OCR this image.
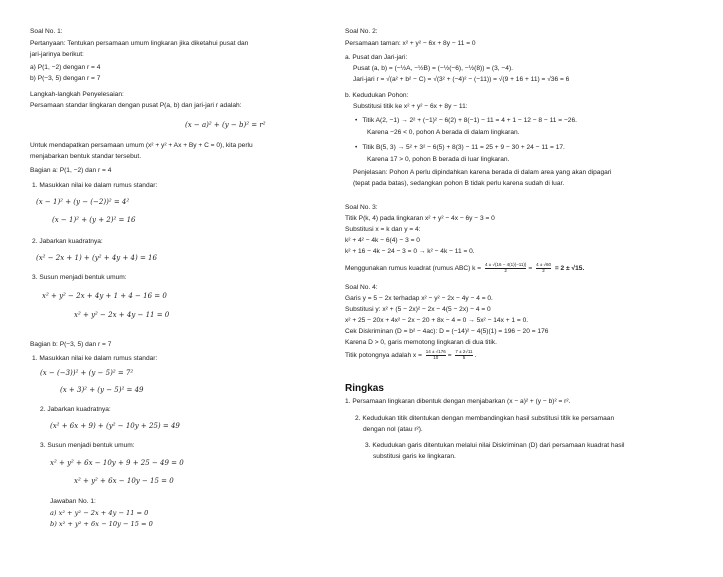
Soal No. 1:
Pertanyaan: Tentukan persamaan umum lingkaran jika diketahui pusat dan
jari-jarinya berikut:
a) P(1, −2) dengan r = 4
b) P(−3, 5) dengan r = 7
Langkah-langkah Penyelesaian:
Persamaan standar lingkaran dengan pusat P(a, b) dan jari-jari r adalah:
(x − a)² + (y − b)² = r²
Untuk mendapatkan persamaan umum (x² + y² + Ax + By + C = 0), kita perlu
menjabarkan bentuk standar tersebut.
Bagian a: P(1, −2) dan r = 4
1. Masukkan nilai ke dalam rumus standar:
(x − 1)² + (y − (−2))² = 4²
(x − 1)² + (y + 2)² = 16
2. Jabarkan kuadratnya:
(x² − 2x + 1) + (y² + 4y + 4) = 16
3. Susun menjadi bentuk umum:
x² + y² − 2x + 4y + 1 + 4 − 16 = 0
x² + y² − 2x + 4y − 11 = 0
Bagian b: P(−3, 5) dan r = 7
1. Masukkan nilai ke dalam rumus standar:
(x − (−3))² + (y − 5)² = 7²
(x + 3)² + (y − 5)² = 49
2. Jabarkan kuadratnya:
(x² + 6x + 9) + (y² − 10y + 25) = 49
3. Susun menjadi bentuk umum:
x² + y² + 6x − 10y + 9 + 25 − 49 = 0
x² + y² + 6x − 10y − 15 = 0
Jawaban No. 1:
a) x² + y² − 2x + 4y − 11 = 0
b) x² + y² + 6x − 10y − 15 = 0
Soal No. 2:
Persamaan taman: x² + y² − 6x + 8y − 11 = 0
a. Pusat dan Jari-jari:
Pusat (a, b) = (−½A, −½B) = (−½(−6), −½(8)) = (3, −4).
Jari-jari r = √(a² + b² − C) = √(3² + (−4)² − (−11)) = √(9 + 16 + 11) = √36 = 6
b. Kedudukan Pohon:
Substitusi titik ke x² + y² − 6x + 8y − 11:
• Titik A(2, −1) → 2² + (−1)² − 6(2) + 8(−1) − 11 = 4 + 1 − 12 − 8 − 11 = −26.
Karena −26 < 0, pohon A berada di dalam lingkaran.
• Titik B(5, 3) → 5² + 3² − 6(5) + 8(3) − 11 = 25 + 9 − 30 + 24 − 11 = 17.
Karena 17 > 0, pohon B berada di luar lingkaran.
Penjelasan: Pohon A perlu dipindahkan karena berada di dalam area yang akan dipagari
(tepat pada batas), sedangkan pohon B tidak perlu karena sudah di luar.
Soal No. 3:
Titik P(k, 4) pada lingkaran x² + y² − 4x − 6y − 3 = 0
Substitusi x = k dan y = 4:
k² + 4² − 4k − 6(4) − 3 = 0
k² + 16 − 4k − 24 − 3 = 0 → k² − 4k − 11 = 0.
Menggunakan rumus kuadrat (rumus ABC) $k = \frac{4 \pm √(16 - 4(1)(-11))}{2} = \frac{4 \pm √60}{2} = 2 \pm √15$.
Soal No. 4:
Garis y = 5 − 2x terhadap x² − y² − 2x − 4y − 4 = 0.
Substitusi y: x² + (5 − 2x)² − 2x − 4(5 − 2x) − 4 = 0
x² + 25 − 20x + 4x² − 2x − 20 + 8x − 4 = 0 → 5x² − 14x + 1 = 0.
Cek Diskriminan (D = b² − 4ac): D = (−14)² − 4(5)(1) = 196 − 20 = 176
Karena D > 0, garis memotong lingkaran di dua titik.
Titik potongnya adalah $x = \frac{14 \pm √176}{10} = \frac{7 \pm 2√11}{5}$ .
Ringkas
1. Persamaan lingkaran dibentuk dengan menjabarkan (x − a)² + (y − b)² = r².
2. Kedudukan titik ditentukan dengan membandingkan hasil substitusi titik ke persamaan
dengan nol (atau r²).
3. Kedudukan garis ditentukan melalui nilai Diskriminan (D) dari persamaan kuadrat hasil
substitusi garis ke lingkaran.
